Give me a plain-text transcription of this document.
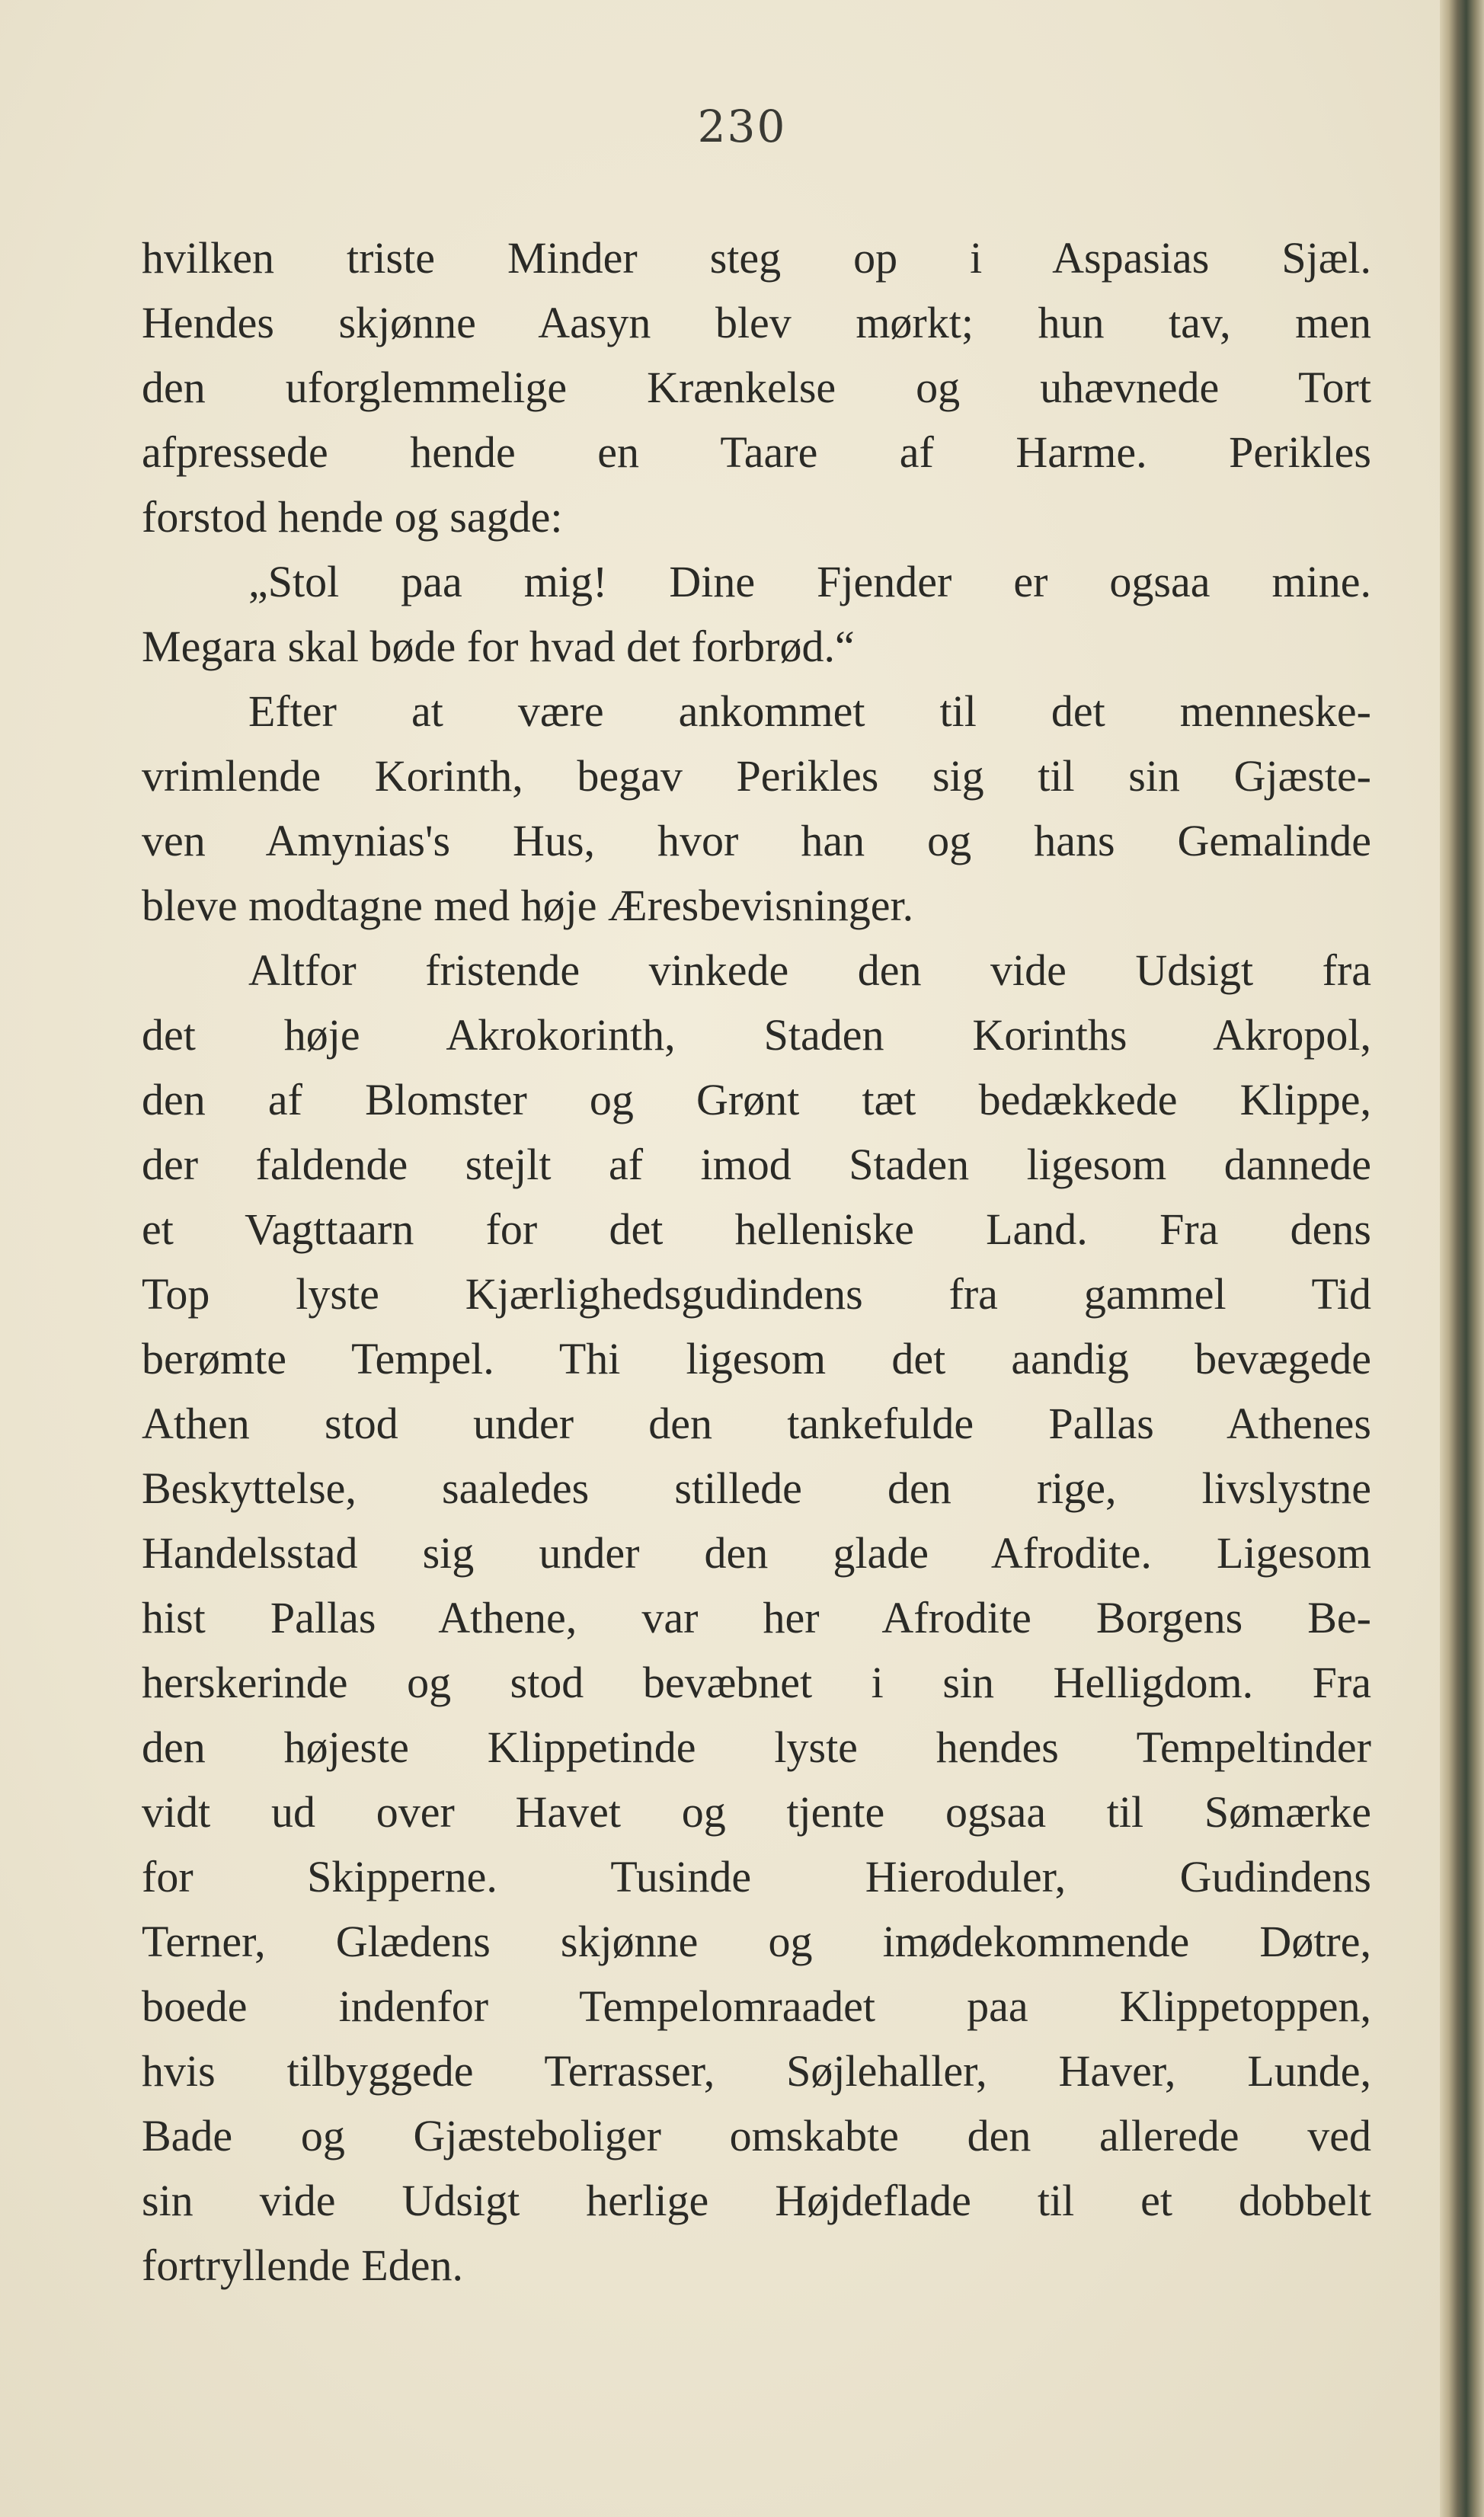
230
hvilken triste Minder steg op i Aspasias Sjæl.
Hendes skjønne Aasyn blev mørkt; hun tav, men
den uforglemmelige Krænkelse og uhævnede Tort
afpressede hende en Taare af Harme. Perikles
forstod hende og sagde:
„Stol paa mig! Dine Fjender er ogsaa mine.
Megara skal bøde for hvad det forbrød.“
Efter at være ankommet til det menneske-
vrimlende Korinth, begav Perikles sig til sin Gjæste-
ven Amynias's Hus, hvor han og hans Gemalinde
bleve modtagne med høje Æresbevisninger.
Altfor fristende vinkede den vide Udsigt fra
det høje Akrokorinth, Staden Korinths Akropol,
den af Blomster og Grønt tæt bedækkede Klippe,
der faldende stejlt af imod Staden ligesom dannede
et Vagttaarn for det helleniske Land. Fra dens
Top lyste Kjærlighedsgudindens fra gammel Tid
berømte Tempel. Thi ligesom det aandig bevægede
Athen stod under den tankefulde Pallas Athenes
Beskyttelse, saaledes stillede den rige, livslystne
Handelsstad sig under den glade Afrodite. Ligesom
hist Pallas Athene, var her Afrodite Borgens Be-
herskerinde og stod bevæbnet i sin Helligdom. Fra
den højeste Klippetinde lyste hendes Tempeltinder
vidt ud over Havet og tjente ogsaa til Sømærke
for Skipperne. Tusinde Hieroduler, Gudindens
Terner, Glædens skjønne og imødekommende Døtre,
boede indenfor Tempelomraadet paa Klippetoppen,
hvis tilbyggede Terrasser, Søjlehaller, Haver, Lunde,
Bade og Gjæsteboliger omskabte den allerede ved
sin vide Udsigt herlige Højdeflade til et dobbelt
fortryllende Eden.
